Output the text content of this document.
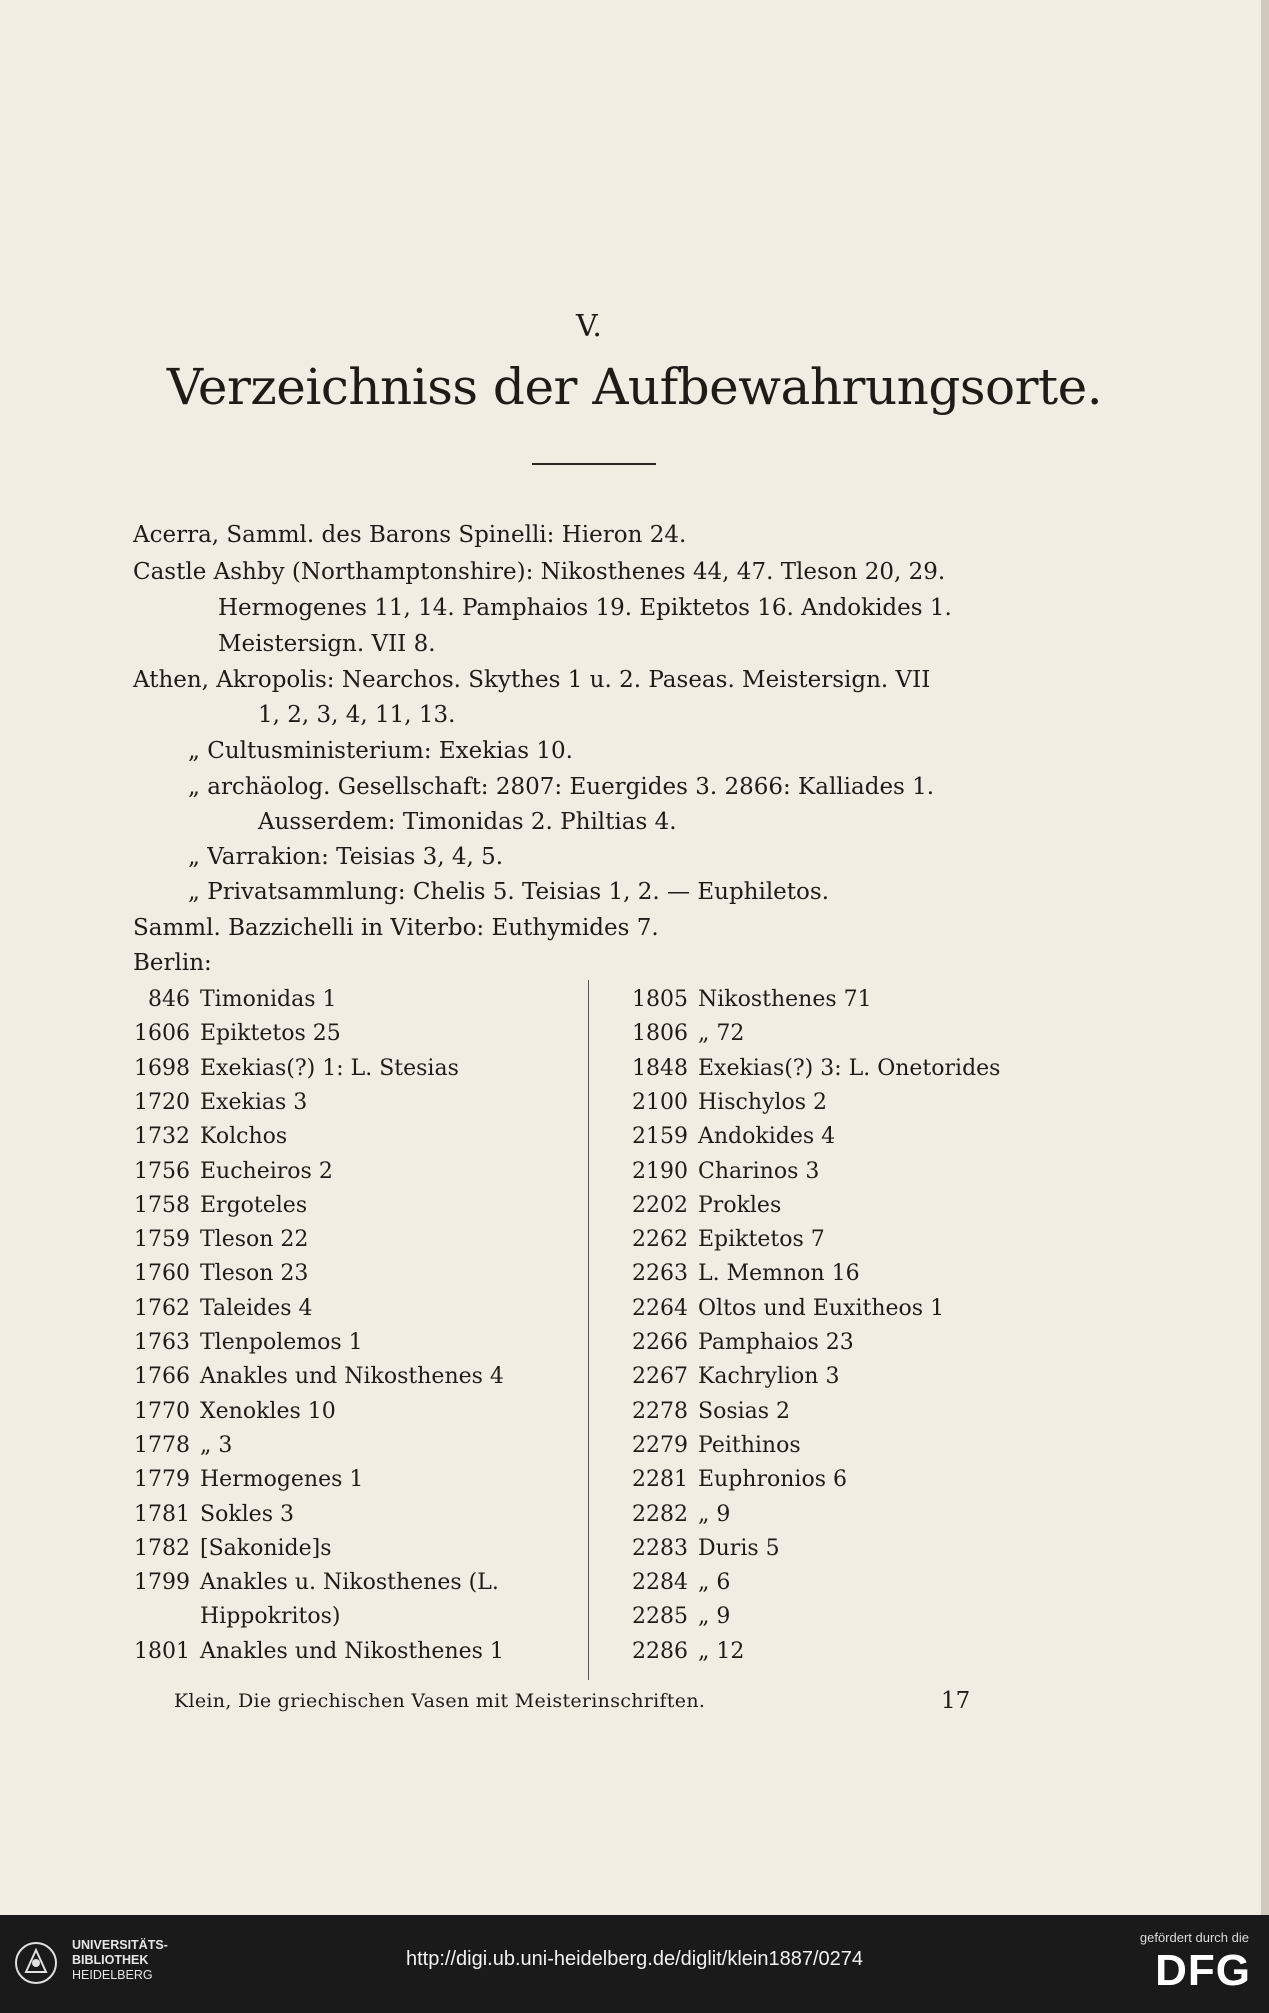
V.

Verzeichniss der Aufbewahrungsorte.

Acerra, Samml. des Barons Spinelli: Hieron 24.

Castle Ashby (Northamptonshire): Nikosthenes 44, 47. Tleson 20, 29.

Hermogenes 11, 14. Pamphaios 19. Epiktetos 16. Andokides 1.

Meistersign. VII 8.

Athen, Akropolis: Nearchos. Skythes 1 u. 2. Paseas. Meistersign. VII

1, 2, 3, 4, 11, 13.

„ Cultusministerium: Exekias 10.

„ archäolog. Gesellschaft: 2807: Euergides 3. 2866: Kalliades 1.

Ausserdem: Timonidas 2. Philtias 4.

„ Varrakion: Teisias 3, 4, 5.

„ Privatsammlung: Chelis 5. Teisias 1, 2. — Euphiletos.

Samml. Bazzichelli in Viterbo: Euthymides 7.

Berlin:

846 Timonidas 1

1606 Epiktetos 25

1698 Exekias(?) 1: L. Stesias

1720 Exekias 3

1732 Kolchos

1756 Eucheiros 2

1758 Ergoteles

1759 Tleson 22

1760 Tleson 23

1762 Taleides 4

1763 Tlenpolemos 1

1766 Anakles und Nikosthenes 4

1770 Xenokles 10

1778 „ 3

1779 Hermogenes 1

1781 Sokles 3

1782 [Sakonide]s

1799 Anakles u. Nikosthenes (L.

Hippokritos)

1801 Anakles und Nikosthenes 1

1805 Nikosthenes 71

1806 „ 72

1848 Exekias(?) 3: L. Onetorides

2100 Hischylos 2

2159 Andokides 4

2190 Charinos 3

2202 Prokles

2262 Epiktetos 7

2263 L. Memnon 16

2264 Oltos und Euxitheos 1

2266 Pamphaios 23

2267 Kachrylion 3

2278 Sosias 2

2279 Peithinos

2281 Euphronios 6

2282 „ 9

2283 Duris 5

2284 „ 6

2285 „ 9

2286 „ 12

Klein, Die griechischen Vasen mit Meisterinschriften.	17

UNIVERSITÄTS-
BIBLIOTHEK
HEIDELBERG
http://digi.ub.uni-heidelberg.de/diglit/klein1887/0274
gefördert durch die
DFG
